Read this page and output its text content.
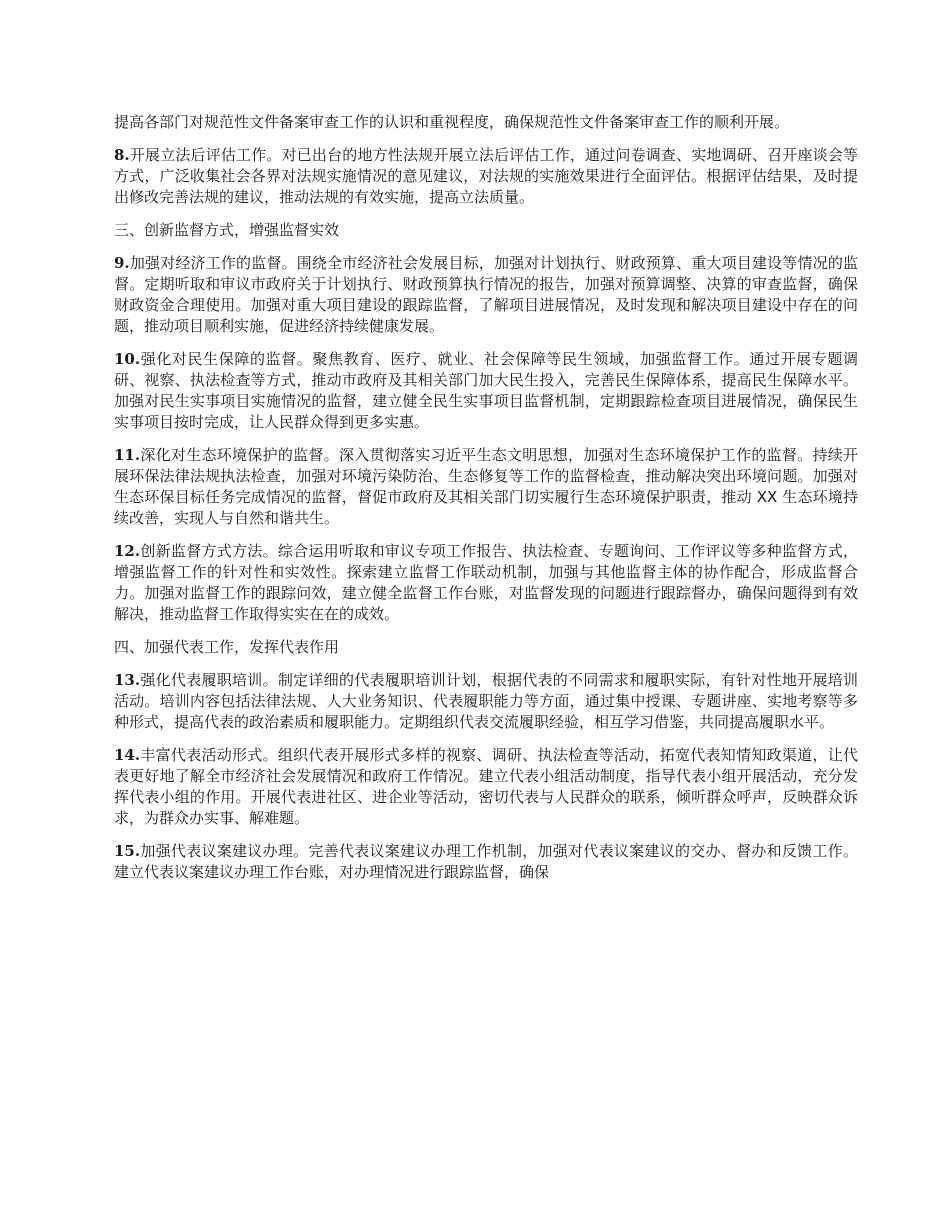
提高各部门对规范性文件备案审查工作的认识和重视程度，确保规范性文件备案审查工作的顺利开展。

8.开展立法后评估工作。对已出台的地方性法规开展立法后评估工作，通过问卷调查、实地调研、召开座谈会等方式，广泛收集社会各界对法规实施情况的意见建议，对法规的实施效果进行全面评估。根据评估结果，及时提出修改完善法规的建议，推动法规的有效实施，提高立法质量。

三、创新监督方式，增强监督实效

9.加强对经济工作的监督。围绕全市经济社会发展目标，加强对计划执行、财政预算、重大项目建设等情况的监督。定期听取和审议市政府关于计划执行、财政预算执行情况的报告，加强对预算调整、决算的审查监督，确保财政资金合理使用。加强对重大项目建设的跟踪监督，了解项目进展情况，及时发现和解决项目建设中存在的问题，推动项目顺利实施，促进经济持续健康发展。

10.强化对民生保障的监督。聚焦教育、医疗、就业、社会保障等民生领域，加强监督工作。通过开展专题调研、视察、执法检查等方式，推动市政府及其相关部门加大民生投入，完善民生保障体系，提高民生保障水平。加强对民生实事项目实施情况的监督，建立健全民生实事项目监督机制，定期跟踪检查项目进展情况，确保民生实事项目按时完成，让人民群众得到更多实惠。

11.深化对生态环境保护的监督。深入贯彻落实习近平生态文明思想，加强对生态环境保护工作的监督。持续开展环保法律法规执法检查，加强对环境污染防治、生态修复等工作的监督检查，推动解决突出环境问题。加强对生态环保目标任务完成情况的监督，督促市政府及其相关部门切实履行生态环境保护职责，推动 XX 生态环境持续改善，实现人与自然和谐共生。

12.创新监督方式方法。综合运用听取和审议专项工作报告、执法检查、专题询问、工作评议等多种监督方式，增强监督工作的针对性和实效性。探索建立监督工作联动机制，加强与其他监督主体的协作配合，形成监督合力。加强对监督工作的跟踪问效，建立健全监督工作台账，对监督发现的问题进行跟踪督办，确保问题得到有效解决，推动监督工作取得实实在在的成效。

四、加强代表工作，发挥代表作用

13.强化代表履职培训。制定详细的代表履职培训计划，根据代表的不同需求和履职实际，有针对性地开展培训活动。培训内容包括法律法规、人大业务知识、代表履职能力等方面，通过集中授课、专题讲座、实地考察等多种形式，提高代表的政治素质和履职能力。定期组织代表交流履职经验，相互学习借鉴，共同提高履职水平。

14.丰富代表活动形式。组织代表开展形式多样的视察、调研、执法检查等活动，拓宽代表知情知政渠道，让代表更好地了解全市经济社会发展情况和政府工作情况。建立代表小组活动制度，指导代表小组开展活动，充分发挥代表小组的作用。开展代表进社区、进企业等活动，密切代表与人民群众的联系，倾听群众呼声，反映群众诉求，为群众办实事、解难题。

15.加强代表议案建议办理。完善代表议案建议办理工作机制，加强对代表议案建议的交办、督办和反馈工作。建立代表议案建议办理工作台账，对办理情况进行跟踪监督，确保
